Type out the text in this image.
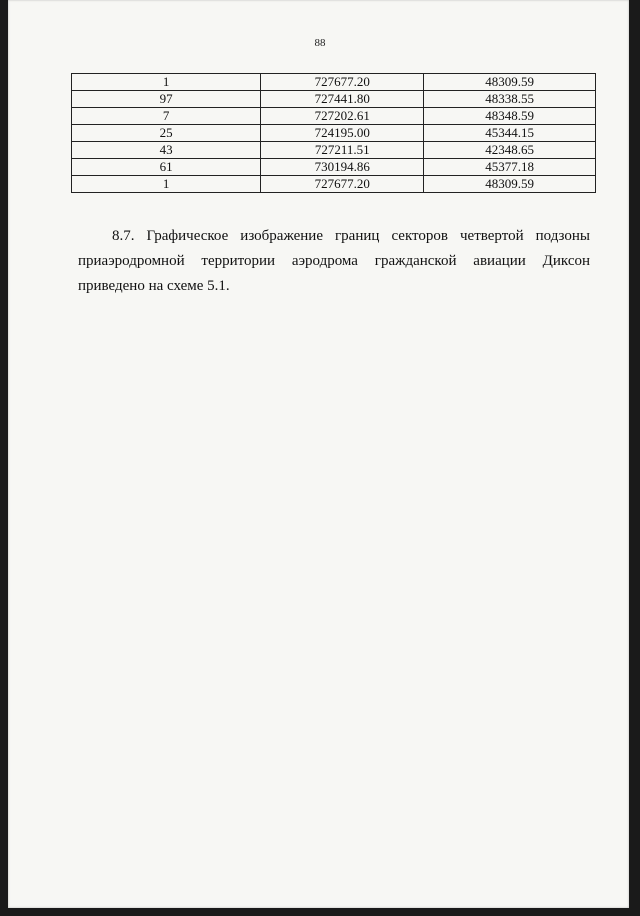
88
1	727677.20	48309.59
97	727441.80	48338.55
7	727202.61	48348.59
25	724195.00	45344.15
43	727211.51	42348.65
61	730194.86	45377.18
1	727677.20	48309.59

8.7. Графическое изображение границ секторов четвертой подзоны приаэродромной территории аэродрома гражданской авиации Диксон приведено на схеме 5.1.
